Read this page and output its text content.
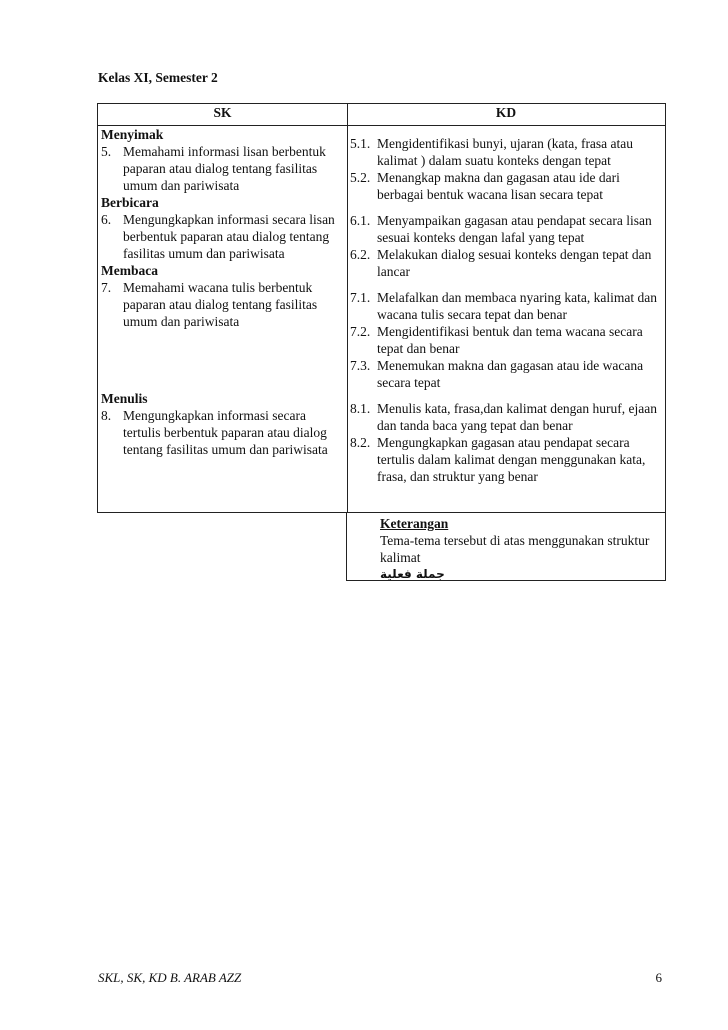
Kelas XI, Semester 2
SK	KD
Menyimak
5. Memahami informasi lisan berbentuk paparan atau dialog tentang fasilitas umum dan pariwisata
Berbicara
6. Mengungkapkan informasi secara lisan berbentuk paparan atau dialog tentang fasilitas umum dan pariwisata
Membaca
7. Memahami wacana tulis berbentuk paparan atau dialog tentang fasilitas umum dan pariwisata
Menulis
8. Mengungkapkan informasi secara tertulis berbentuk paparan atau dialog tentang fasilitas umum dan pariwisata
5.1. Mengidentifikasi bunyi, ujaran (kata, frasa atau kalimat ) dalam suatu konteks dengan tepat
5.2. Menangkap makna dan gagasan atau ide dari berbagai bentuk wacana lisan secara tepat
6.1. Menyampaikan gagasan atau pendapat secara lisan sesuai konteks dengan lafal yang tepat
6.2. Melakukan dialog sesuai konteks dengan tepat dan lancar
7.1. Melafalkan dan membaca nyaring kata, kalimat dan wacana tulis secara tepat dan benar
7.2. Mengidentifikasi bentuk dan tema wacana secara tepat dan benar
7.3. Menemukan makna dan gagasan atau ide wacana secara tepat
8.1. Menulis kata, frasa,dan kalimat dengan huruf, ejaan dan tanda baca yang tepat dan benar
8.2. Mengungkapkan gagasan atau pendapat secara tertulis dalam kalimat dengan menggunakan kata, frasa, dan struktur yang benar
Keterangan
Tema-tema tersebut di atas menggunakan struktur kalimat
جملة فعلية
SKL, SK, KD B. ARAB AZZ	6
